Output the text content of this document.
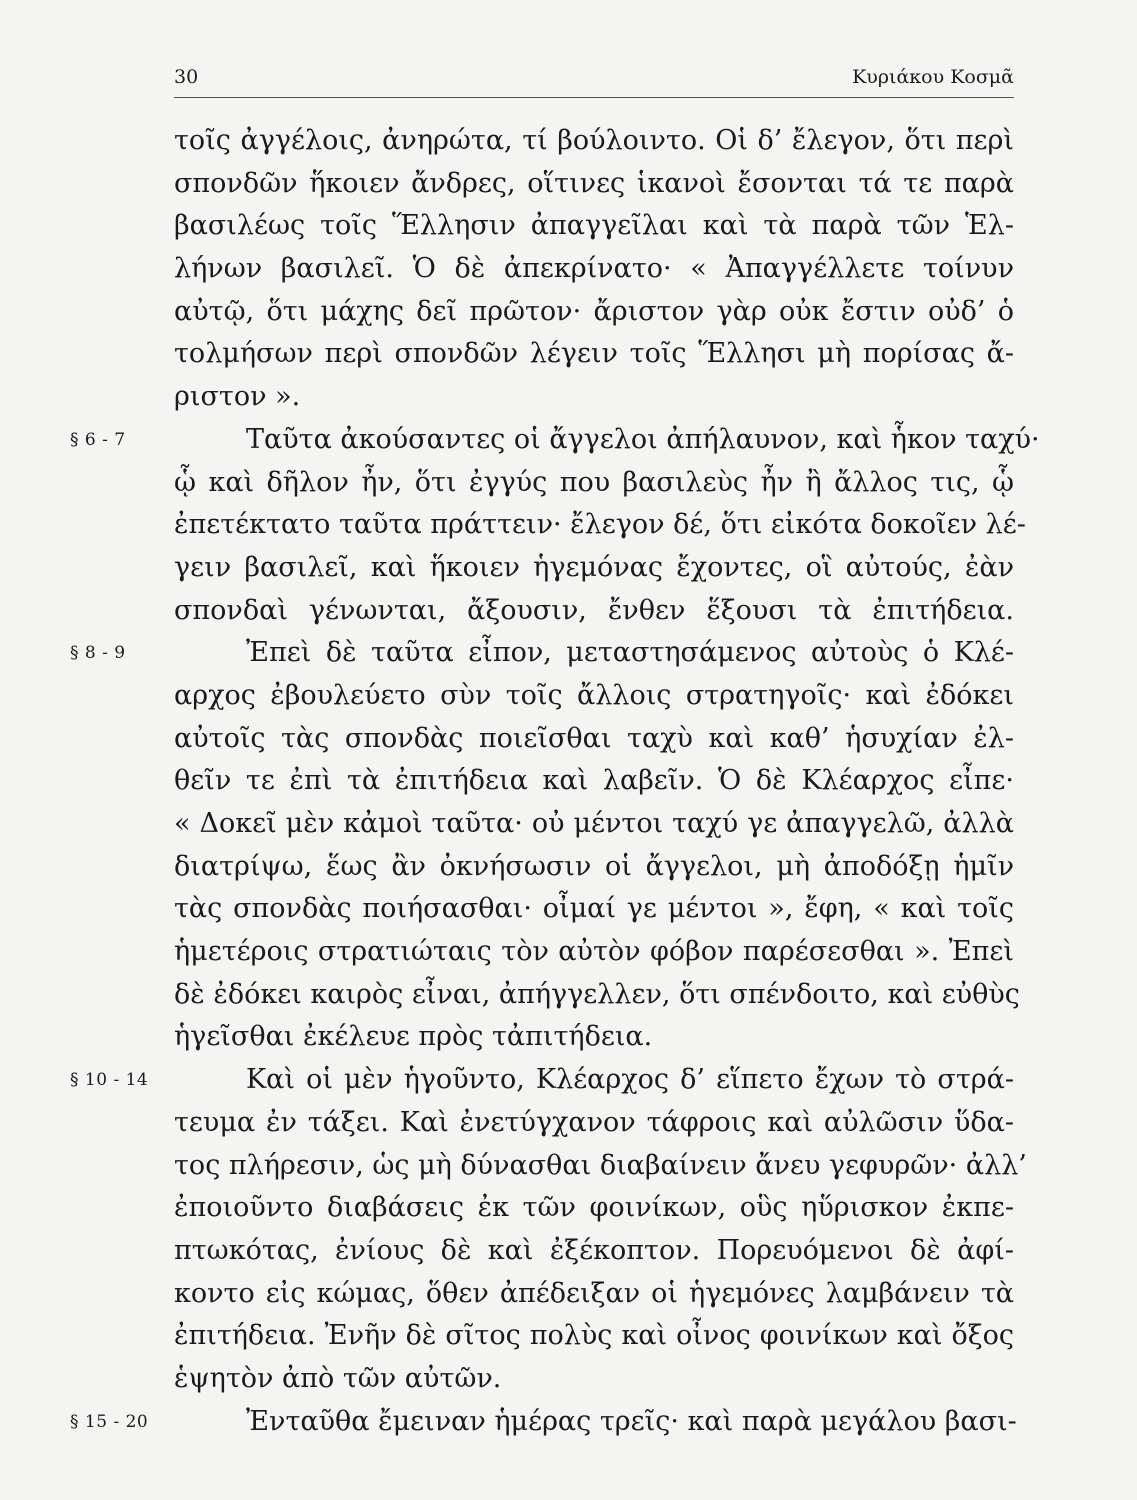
30	Κυριάκου Κοσμᾶ
τοῖς ἀγγέλοις, ἀνηρώτα, τί βούλοιντο. Οἱ δ’ ἔλεγον, ὅτι περὶ
σπονδῶν ἥκοιεν ἄνδρες, οἵτινες ἱκανοὶ ἔσονται τά τε παρὰ
βασιλέως τοῖς Ἕλλησιν ἀπαγγεῖλαι καὶ τὰ παρὰ τῶν Ἑλ-
λήνων βασιλεῖ. Ὁ δὲ ἀπεκρίνατο· « Ἀπαγγέλλετε τοίνυν
αὐτῷ, ὅτι μάχης δεῖ πρῶτον· ἄριστον γὰρ οὐκ ἔστιν οὐδ’ ὁ
τολμήσων περὶ σπονδῶν λέγειν τοῖς Ἕλλησι μὴ πορίσας ἄ-
ριστον ».
§ 6 - 7	Ταῦτα ἀκούσαντες οἱ ἄγγελοι ἀπήλαυνον, καὶ ἧκον ταχύ·
ᾧ καὶ δῆλον ἦν, ὅτι ἐγγύς που βασιλεὺς ἦν ἢ ἄλλος τις, ᾧ
ἐπετέκτατο ταῦτα πράττειν· ἔλεγον δέ, ὅτι εἰκότα δοκοῖεν λέ-
γειν βασιλεῖ, καὶ ἥκοιεν ἡγεμόνας ἔχοντες, οἳ αὐτούς, ἐὰν
σπονδαὶ γένωνται, ἄξουσιν, ἔνθεν ἕξουσι τὰ ἐπιτήδεια.
§ 8 - 9	Ἐπεὶ δὲ ταῦτα εἶπον, μεταστησάμενος αὐτοὺς ὁ Κλέ-
αρχος ἐβουλεύετο σὺν τοῖς ἄλλοις στρατηγοῖς· καὶ ἐδόκει
αὐτοῖς τὰς σπονδὰς ποιεῖσθαι ταχὺ καὶ καθ’ ἡσυχίαν ἐλ-
θεῖν τε ἐπὶ τὰ ἐπιτήδεια καὶ λαβεῖν. Ὁ δὲ Κλέαρχος εἶπε·
« Δοκεῖ μὲν κἀμοὶ ταῦτα· οὐ μέντοι ταχύ γε ἀπαγγελῶ, ἀλλὰ
διατρίψω, ἕως ἂν ὀκνήσωσιν οἱ ἄγγελοι, μὴ ἀποδόξῃ ἡμῖν
τὰς σπονδὰς ποιήσασθαι· οἶμαί γε μέντοι », ἔφη, « καὶ τοῖς
ἡμετέροις στρατιώταις τὸν αὐτὸν φόβον παρέσεσθαι ». Ἐπεὶ
δὲ ἐδόκει καιρὸς εἶναι, ἀπήγγελλεν, ὅτι σπένδοιτο, καὶ εὐθὺς
ἡγεῖσθαι ἐκέλευε πρὸς τἀπιτήδεια.
§ 10 - 14	Καὶ οἱ μὲν ἡγοῦντο, Κλέαρχος δ’ εἵπετο ἔχων τὸ στρά-
τευμα ἐν τάξει. Καὶ ἐνετύγχανον τάφροις καὶ αὐλῶσιν ὕδα-
τος πλήρεσιν, ὡς μὴ δύνασθαι διαβαίνειν ἄνευ γεφυρῶν· ἀλλ’
ἐποιοῦντο διαβάσεις ἐκ τῶν φοινίκων, οὓς ηὕρισκον ἐκπε-
πτωκότας, ἐνίους δὲ καὶ ἐξέκοπτον. Πορευόμενοι δὲ ἀφί-
κοντο εἰς κώμας, ὅθεν ἀπέδειξαν οἱ ἡγεμόνες λαμβάνειν τὰ
ἐπιτήδεια. Ἐνῆν δὲ σῖτος πολὺς καὶ οἶνος φοινίκων καὶ ὄξος
ἑψητὸν ἀπὸ τῶν αὐτῶν.
§ 15 - 20	Ἐνταῦθα ἔμειναν ἡμέρας τρεῖς· καὶ παρὰ μεγάλου βασι-
